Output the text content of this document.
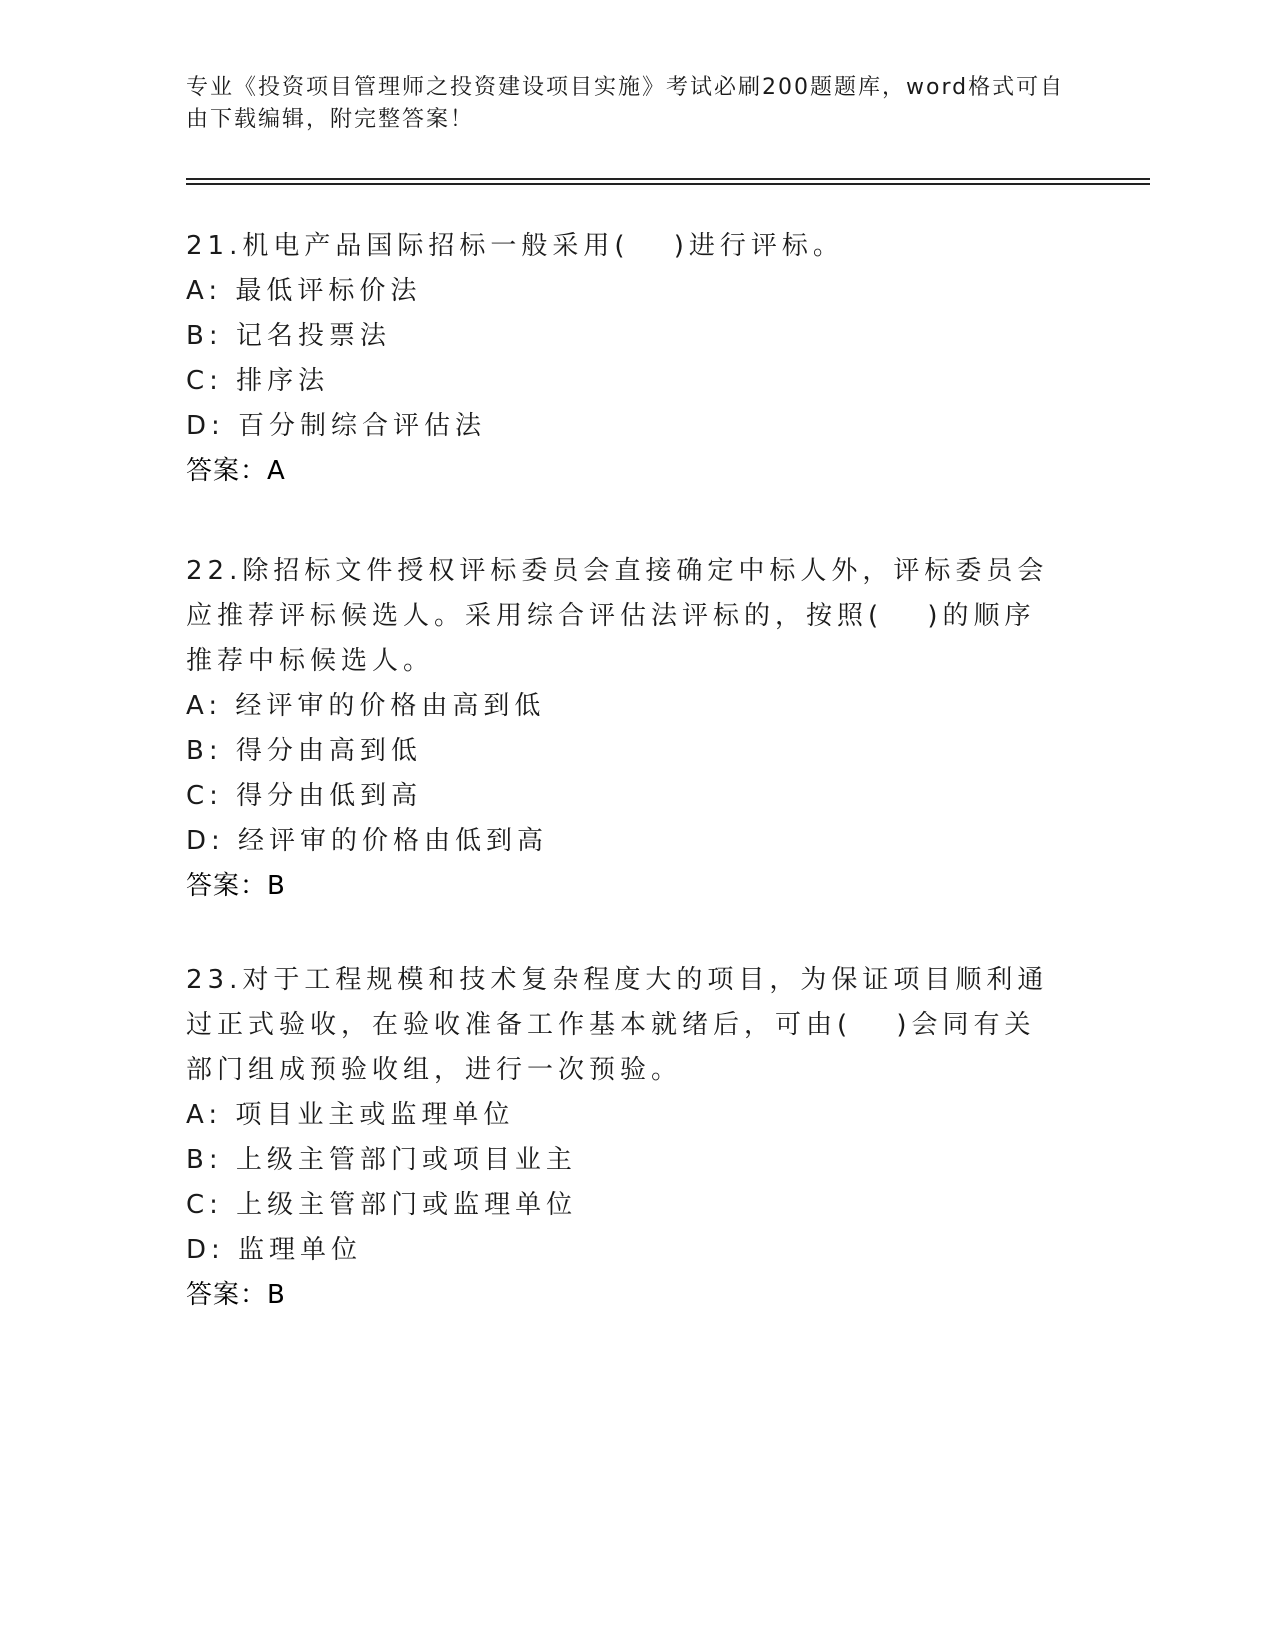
专业《投资项目管理师之投资建设项目实施》考试必刷200题题库，word格式可自由下载编辑，附完整答案！

21.机电产品国际招标一般采用(　 )进行评标。

A: 最低评标价法

B: 记名投票法

C: 排序法

D: 百分制综合评估法

答案：A

22.除招标文件授权评标委员会直接确定中标人外，评标委员会应推荐评标候选人。采用综合评估法评标的，按照(　 )的顺序推荐中标候选人。

A: 经评审的价格由高到低

B: 得分由高到低

C: 得分由低到高

D: 经评审的价格由低到高

答案：B

23.对于工程规模和技术复杂程度大的项目，为保证项目顺利通过正式验收，在验收准备工作基本就绪后，可由(　 )会同有关部门组成预验收组，进行一次预验。

A: 项目业主或监理单位

B: 上级主管部门或项目业主

C: 上级主管部门或监理单位

D: 监理单位

答案：B
